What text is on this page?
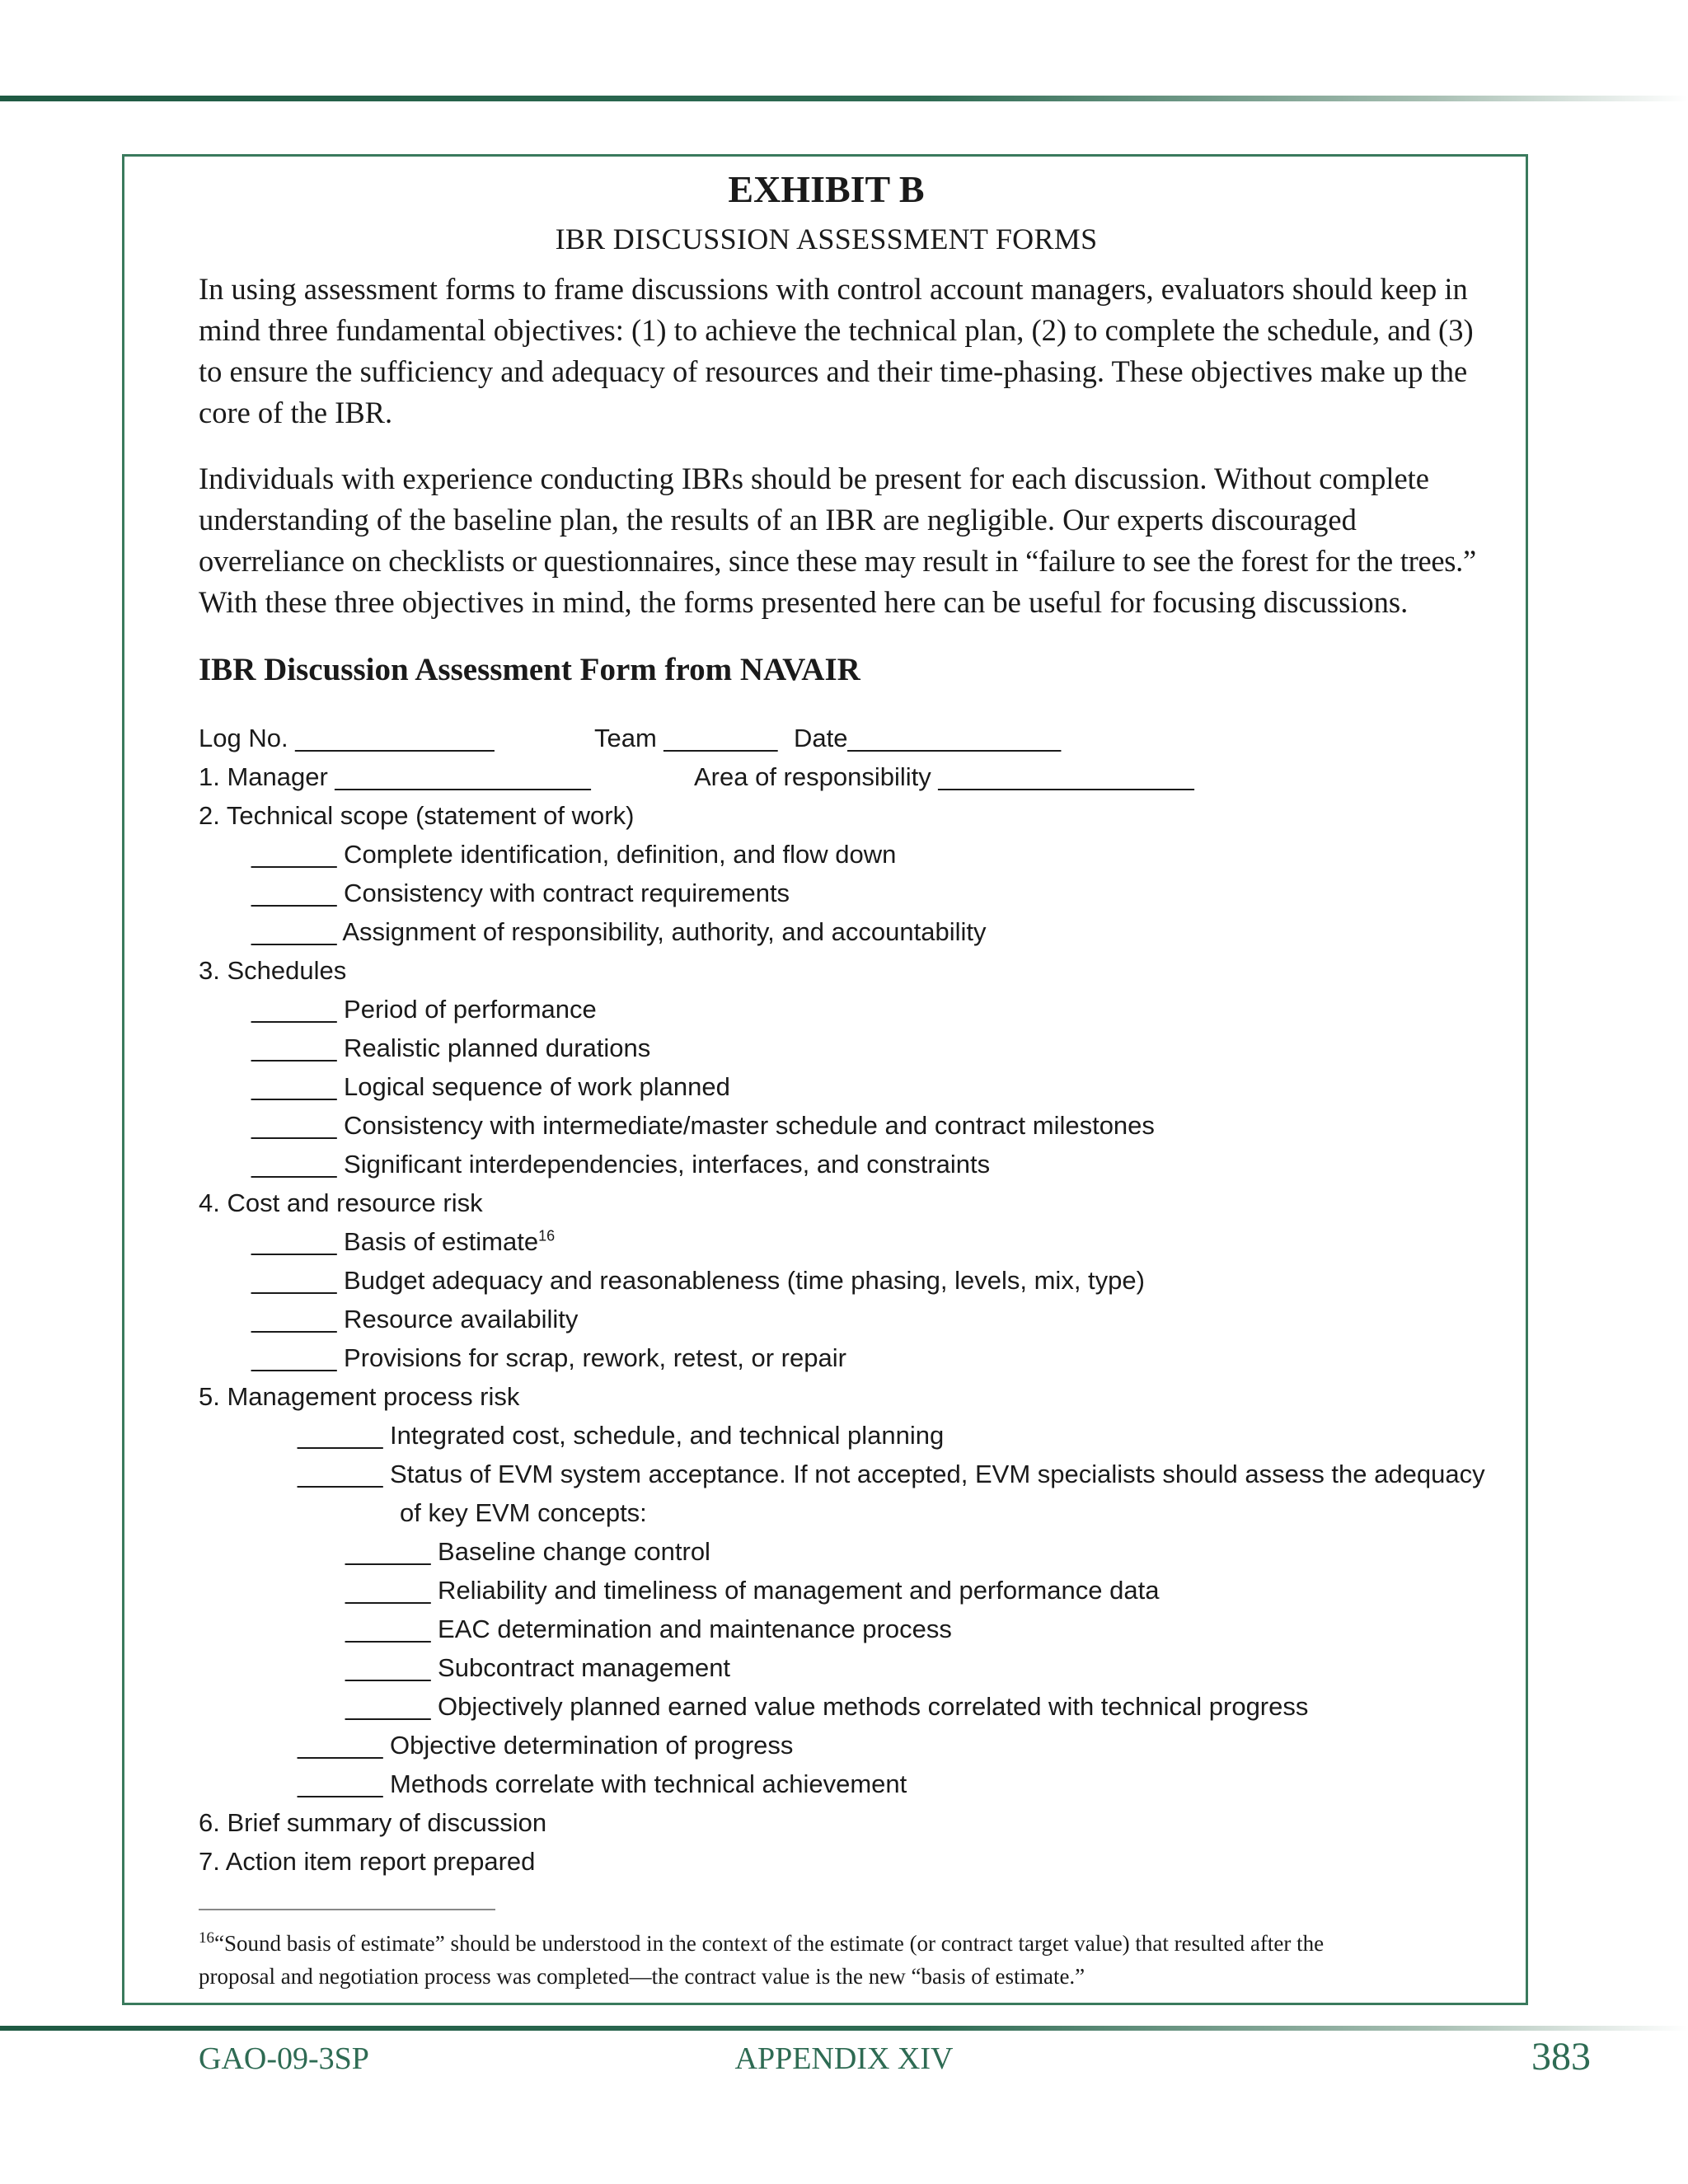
EXHIBIT B
IBR DISCUSSION ASSESSMENT FORMS
In using assessment forms to frame discussions with control account managers, evaluators should keep in
mind three fundamental objectives: (1) to achieve the technical plan, (2) to complete the schedule, and (3)
to ensure the sufficiency and adequacy of resources and their time-phasing. These objectives make up the
core of the IBR.
Individuals with experience conducting IBRs should be present for each discussion. Without complete
understanding of the baseline plan, the results of an IBR are negligible. Our experts discouraged
overreliance on checklists or questionnaires, since these may result in “failure to see the forest for the trees.”
With these three objectives in mind, the forms presented here can be useful for focusing discussions.
IBR Discussion Assessment Form from NAVAIR
Log No. ______________	Team ________ Date_______________
1. Manager __________________	Area of responsibility __________________
2. Technical scope (statement of work)
______ Complete identification, definition, and flow down
______ Consistency with contract requirements
______ Assignment of responsibility, authority, and accountability
3. Schedules
______ Period of performance
______ Realistic planned durations
______ Logical sequence of work planned
______ Consistency with intermediate/master schedule and contract milestones
______ Significant interdependencies, interfaces, and constraints
4. Cost and resource risk
______ Basis of estimate$^{16}$
______ Budget adequacy and reasonableness (time phasing, levels, mix, type)
______ Resource availability
______ Provisions for scrap, rework, retest, or repair
5. Management process risk
______ Integrated cost, schedule, and technical planning
______ Status of EVM system acceptance. If not accepted, EVM specialists should assess the adequacy
of key EVM concepts:
______ Baseline change control
______ Reliability and timeliness of management and performance data
______ EAC determination and maintenance process
______ Subcontract management
______ Objectively planned earned value methods correlated with technical progress
______ Objective determination of progress
______ Methods correlate with technical achievement
6. Brief summary of discussion
7. Action item report prepared
$^{16}$“Sound basis of estimate” should be understood in the context of the estimate (or contract target value) that resulted after the
proposal and negotiation process was completed—the contract value is the new “basis of estimate.”
GAO-09-3SP	APPENDIX XIV	383
